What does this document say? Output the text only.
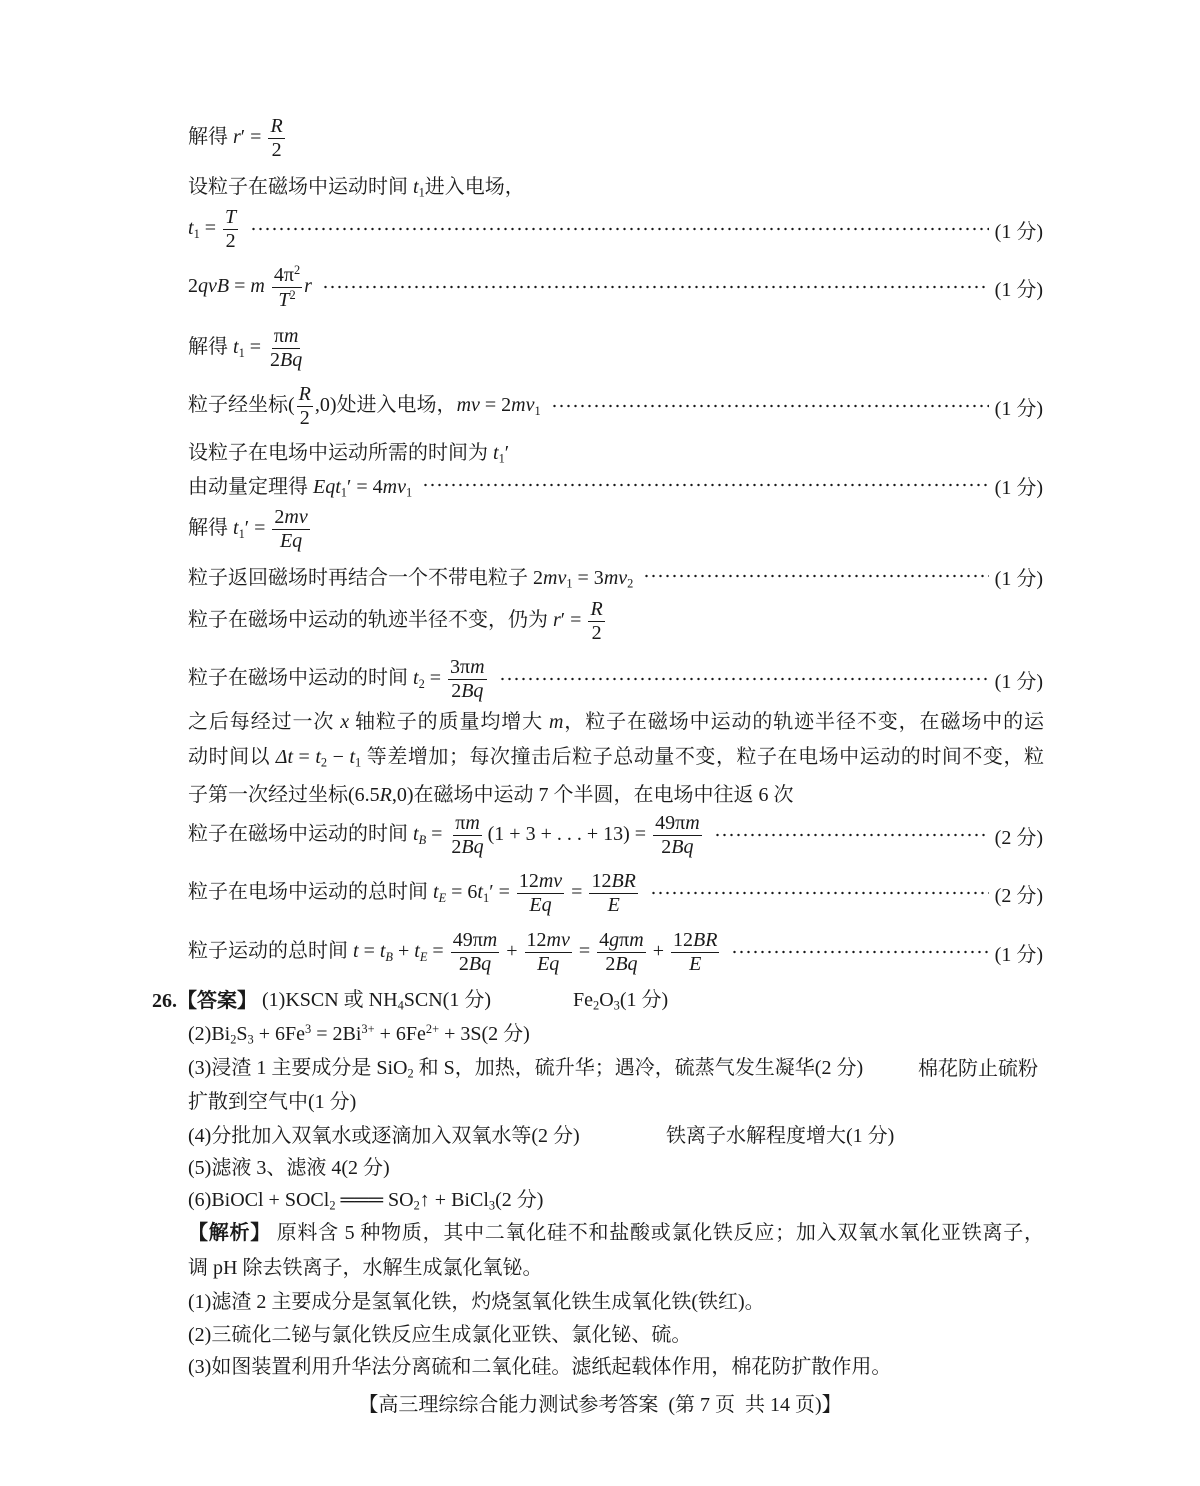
解得 $r' = \frac{R}{2}$
设粒子在磁场中运动时间 $t_1$进入电场，
$t_1 = \frac{T}{2}$	(1 分)
2qvB = m $\frac{4\pi^2}{T^2}$ r	(1 分)
解得 $t_1 = \frac{\pi m}{2Bq}$
粒子经坐标( $\frac{R}{2} ,0$)处进入电场，mv = $2mv_1$	(1 分)
设粒子在电场中运动所需的时间为 $t_1'$
由动量定理得 $Eqt_1' = 4mv_1$	(1 分)
解得 $t_1' = \frac{2mv}{Eq}$
粒子返回磁场时再结合一个不带电粒子 $2mv_1 = 3mv_2$	(1 分)
粒子在磁场中运动的轨迹半径不变，仍为 $r' = \frac{R}{2}$
粒子在磁场中运动的时间 $t_2 = \frac{3\pi m}{2Bq}$	(1 分)
之后每经过一次 x 轴粒子的质量均增大 m，粒子在磁场中运动的轨迹半径不变，在磁场中的运
动时间以 $\Delta t = t_2 - t_1$ 等差增加；每次撞击后粒子总动量不变，粒子在电场中运动的时间不变，粒
子第一次经过坐标(6.5R,0)在磁场中运动 7 个半圆，在电场中往返 6 次
粒子在磁场中运动的时间 tB = $\frac{\pi m}{2Bq} (1 + 3$ + . . . + $13) = \frac{49\pi m}{2Bq}$	(2 分)
粒子在电场中运动的总时间 tE = $6t_1' = \frac{12mv}{Eq} = \frac{12BR}{E}$	(2 分)
粒子运动的总时间 t = tB + tE = $\frac{49\pi m}{2Bq} + \frac{12mv}{Eq} = \frac{\text{4gπm}}{2Bq} + \frac{12BR}{E}$	(1 分)
26.【答案】 (1)KSCN 或 $NH_4SCN(1$ 分)	$Fe_2O_3(1$ 分)
$(2)Bi_2S_3 + 6Fe^3 = 2Bi^{3+} + 6Fe^{2+} + 3S(2$ 分)
(3)浸渣 1 主要成分是 SiO$_2$ 和 S，加热，硫升华；遇冷，硫蒸气发生凝华(2 分)	棉花防止硫粉
扩散到空气中(1 分)
(4)分批加入双氧水或逐滴加入双氧水等(2 分)	铁离子水解程度增大(1 分)
(5)滤液 3、滤液 4(2 分)
(6)BiOCl + SOCl$_2$ ═══ $SO_2↑$ + BiCl$_3$(2 分)
【解析】 原料含 5 种物质，其中二氧化硅不和盐酸或氯化铁反应；加入双氧水氧化亚铁离子，
调 pH 除去铁离子，水解生成氯化氧铋。
(1)滤渣 2 主要成分是氢氧化铁，灼烧氢氧化铁生成氧化铁(铁红)。
(2)三硫化二铋与氯化铁反应生成氯化亚铁、氯化铋、硫。
(3)如图装置利用升华法分离硫和二氧化硅。滤纸起载体作用，棉花防扩散作用。
【高三理综综合能力测试参考答案  (第 7 页  共 14 页)】
